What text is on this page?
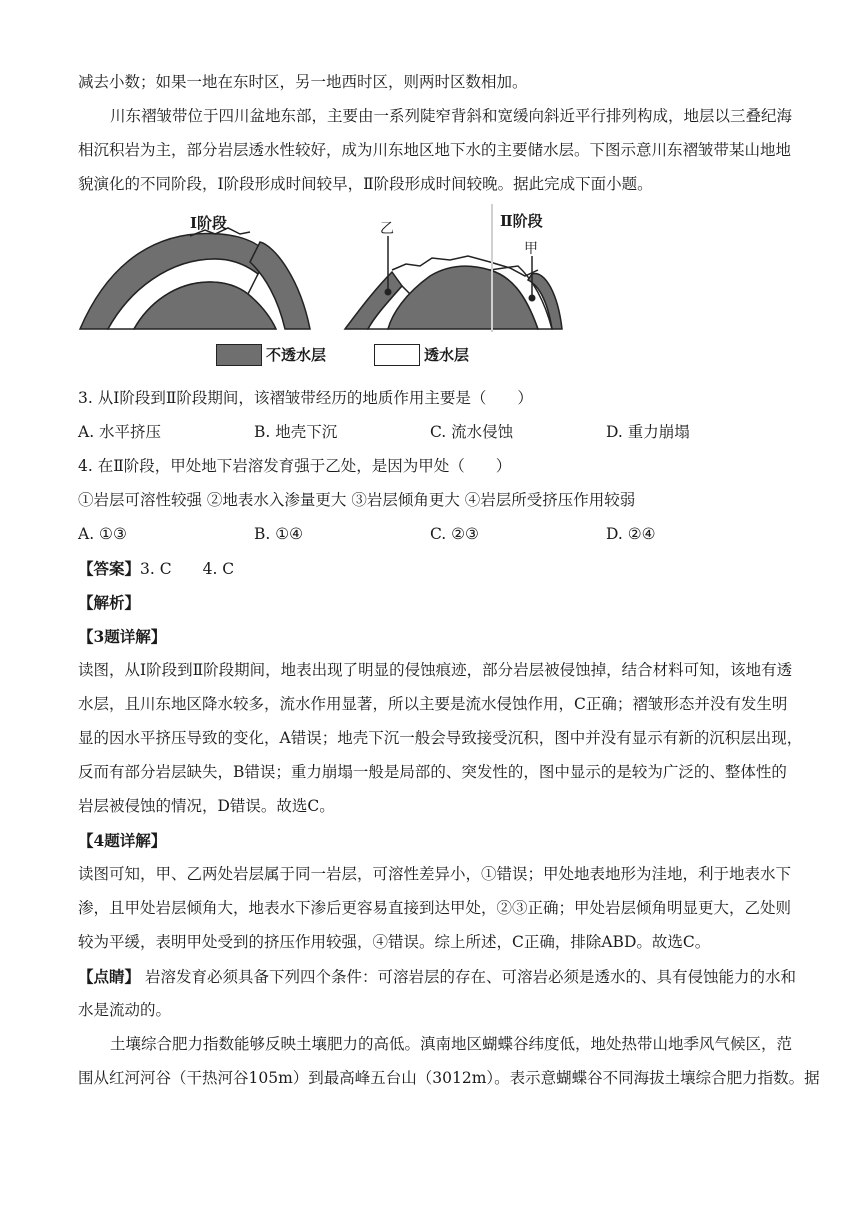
减去小数；如果一地在东时区，另一地西时区，则两时区数相加。
川东褶皱带位于四川盆地东部，主要由一系列陡窄背斜和宽缓向斜近平行排列构成，地层以三叠纪海
相沉积岩为主，部分岩层透水性较好，成为川东地区地下水的主要储水层。下图示意川东褶皱带某山地地
貌演化的不同阶段，Ⅰ阶段形成时间较早，Ⅱ阶段形成时间较晚。据此完成下面小题。
Ⅰ阶段	Ⅱ阶段
乙
甲
不透水层	透水层
3. 从Ⅰ阶段到Ⅱ阶段期间，该褶皱带经历的地质作用主要是（　　）
A. 水平挤压	B. 地壳下沉	C. 流水侵蚀	D. 重力崩塌
4. 在Ⅱ阶段，甲处地下岩溶发育强于乙处，是因为甲处（　　）
①岩层可溶性较强 ②地表水入渗量更大 ③岩层倾角更大 ④岩层所受挤压作用较弱
A. ①③	B. ①④	C. ②③	D. ②④
【答案】3. C　　4. C
【解析】
【3题详解】
读图，从Ⅰ阶段到Ⅱ阶段期间，地表出现了明显的侵蚀痕迹，部分岩层被侵蚀掉，结合材料可知，该地有透
水层，且川东地区降水较多，流水作用显著，所以主要是流水侵蚀作用，C正确；褶皱形态并没有发生明
显的因水平挤压导致的变化，A错误；地壳下沉一般会导致接受沉积，图中并没有显示有新的沉积层出现，
反而有部分岩层缺失，B错误；重力崩塌一般是局部的、突发性的，图中显示的是较为广泛的、整体性的
岩层被侵蚀的情况，D错误。故选C。
【4题详解】
读图可知，甲、乙两处岩层属于同一岩层，可溶性差异小，①错误；甲处地表地形为洼地，利于地表水下
渗，且甲处岩层倾角大，地表水下渗后更容易直接到达甲处，②③正确；甲处岩层倾角明显更大，乙处则
较为平缓，表明甲处受到的挤压作用较强，④错误。综上所述，C正确，排除ABD。故选C。
【点睛】 岩溶发育必须具备下列四个条件：可溶岩层的存在、可溶岩必须是透水的、具有侵蚀能力的水和
水是流动的。
土壤综合肥力指数能够反映土壤肥力的高低。滇南地区蝴蝶谷纬度低，地处热带山地季风气候区，范
围从红河河谷（干热河谷105m）到最高峰五台山（3012m）。表示意蝴蝶谷不同海拔土壤综合肥力指数。据
